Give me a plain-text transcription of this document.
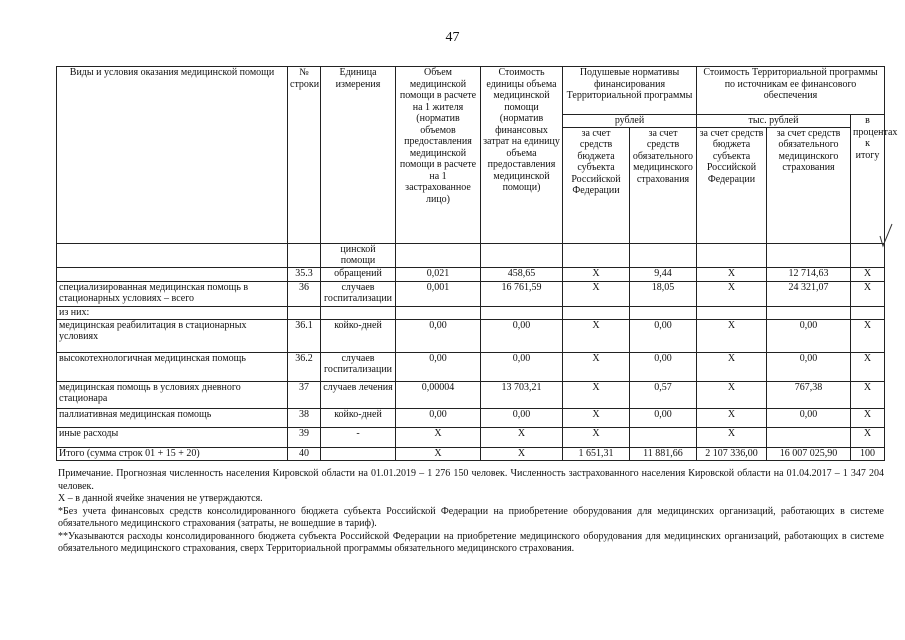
47
Виды и условия оказания медицинской помощи	№ строки	Единица измерения	Объем медицинской помощи в расчете на 1 жителя (норматив объемов предоставления медицинской помощи в расчете на 1 застрахованное лицо)	Стоимость единицы объема медицинской помощи (норматив финансовых затрат на единицу объема предоставления медицинской помощи)	Подушевые нормативы финансирования Территориальной программы		Стоимость Территориальной программы по источникам ее финансового обеспечения		
					рублей		тыс. рублей		в процентах к итогу
					за счет средств бюджета субъекта Российской Федерации	за счет средств обязательного медицинского страхования	за счет средств бюджета субъекта Российской Федерации	за счет средств обязательного медицинского страхования	
		цинской помощи							
	35.3	обращений	0,021	458,65	X	9,44	X	12 714,63	X
специализированная медицинская помощь в стационарных условиях – всего	36	случаев госпитализации	0,001	16 761,59	X	18,05	X	24 321,07	X
из них:									
медицинская реабилитация в стационарных условиях	36.1	койко-дней	0,00	0,00	X	0,00	X	0,00	X
высокотехнологичная медицинская помощь	36.2	случаев госпитализации	0,00	0,00	X	0,00	X	0,00	X
медицинская помощь в условиях дневного стационара	37	случаев лечения	0,00004	13 703,21	X	0,57	X	767,38	X
паллиативная медицинская помощь	38	койко-дней	0,00	0,00	X	0,00	X	0,00	X
иные расходы	39	-	X	X	X		X		X
Итого (сумма строк 01 + 15 + 20)	40		X	X	1 651,31	11 881,66	2 107 336,00	16 007 025,90	100

Примечание. Прогнозная численность населения Кировской области на 01.01.2019 – 1 276 150 человек. Численность застрахованного населения Кировской области на 01.04.2017 – 1 347 204 человек.

X – в данной ячейке значения не утверждаются.

*Без учета финансовых средств консолидированного бюджета субъекта Российской Федерации на приобретение оборудования для медицинских организаций, работающих в системе обязательного медицинского страхования (затраты, не вошедшие в тариф).

**Указываются расходы консолидированного бюджета субъекта Российской Федерации на приобретение медицинского оборудования для медицинских организаций, работающих в системе обязательного медицинского страхования, сверх Территориальной программы обязательного медицинского страхования.
